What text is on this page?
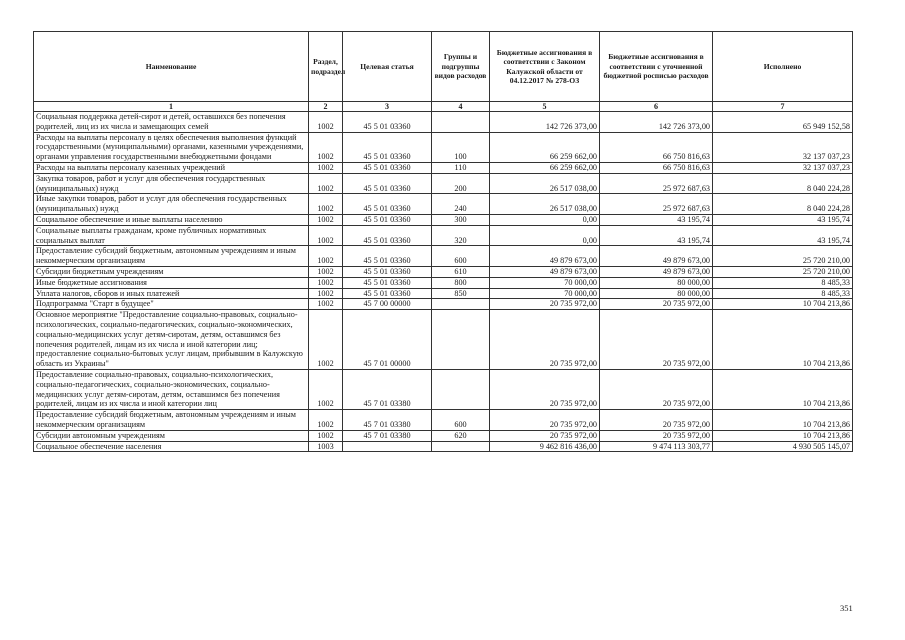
Наименование	Раздел, подраздел	Целевая статья	Группы и подгруппы видов расходов	Бюджетные ассигнования в соответствии с Законом Калужской области от 04.12.2017 № 278-ОЗ	Бюджетные ассигнования в соответствии с уточненной бюджетной росписью расходов	Исполнено
1	2	3	4	5	6	7
Социальная поддержка детей-сирот и детей, оставшихся без попечения родителей, лиц из их числа и замещающих семей	1002	45 5 01 03360		142 726 373,00	142 726 373,00	65 949 152,58
Расходы на выплаты персоналу в целях обеспечения выполнения функций государственными (муниципальными) органами, казенными учреждениями, органами управления государственными внебюджетными фондами	1002	45 5 01 03360	100	66 259 662,00	66 750 816,63	32 137 037,23
Расходы на выплаты персоналу казенных учреждений	1002	45 5 01 03360	110	66 259 662,00	66 750 816,63	32 137 037,23
Закупка товаров, работ и услуг для обеспечения государственных (муниципальных) нужд	1002	45 5 01 03360	200	26 517 038,00	25 972 687,63	8 040 224,28
Иные закупки товаров, работ и услуг для обеспечения государственных (муниципальных) нужд	1002	45 5 01 03360	240	26 517 038,00	25 972 687,63	8 040 224,28
Социальное обеспечение и иные выплаты населению	1002	45 5 01 03360	300	0,00	43 195,74	43 195,74
Социальные выплаты гражданам, кроме публичных нормативных социальных выплат	1002	45 5 01 03360	320	0,00	43 195,74	43 195,74
Предоставление субсидий бюджетным, автономным учреждениям и иным некоммерческим организациям	1002	45 5 01 03360	600	49 879 673,00	49 879 673,00	25 720 210,00
Субсидии бюджетным учреждениям	1002	45 5 01 03360	610	49 879 673,00	49 879 673,00	25 720 210,00
Иные бюджетные ассигнования	1002	45 5 01 03360	800	70 000,00	80 000,00	8 485,33
Уплата налогов, сборов и иных платежей	1002	45 5 01 03360	850	70 000,00	80 000,00	8 485,33
Подпрограмма "Старт в будущее"	1002	45 7 00 00000		20 735 972,00	20 735 972,00	10 704 213,86
Основное мероприятие "Предоставление социально-правовых, социально-психологических, социально-педагогических, социально-экономических, социально-медицинских услуг детям-сиротам, детям, оставшимся без попечения родителей, лицам из их числа и иной категории лиц; предоставление социально-бытовых услуг лицам, прибывшим в Калужскую область из Украины"	1002	45 7 01 00000		20 735 972,00	20 735 972,00	10 704 213,86
Предоставление социально-правовых, социально-психологических, социально-педагогических, социально-экономических, социально-медицинских услуг детям-сиротам, детям, оставшимся без попечения родителей, лицам из их числа и иной категории лиц	1002	45 7 01 03380		20 735 972,00	20 735 972,00	10 704 213,86
Предоставление субсидий бюджетным, автономным учреждениям и иным некоммерческим организациям	1002	45 7 01 03380	600	20 735 972,00	20 735 972,00	10 704 213,86
Субсидии автономным учреждениям	1002	45 7 01 03380	620	20 735 972,00	20 735 972,00	10 704 213,86
Социальное обеспечение населения	1003			9 462 816 436,00	9 474 113 303,77	4 930 505 145,07
351
